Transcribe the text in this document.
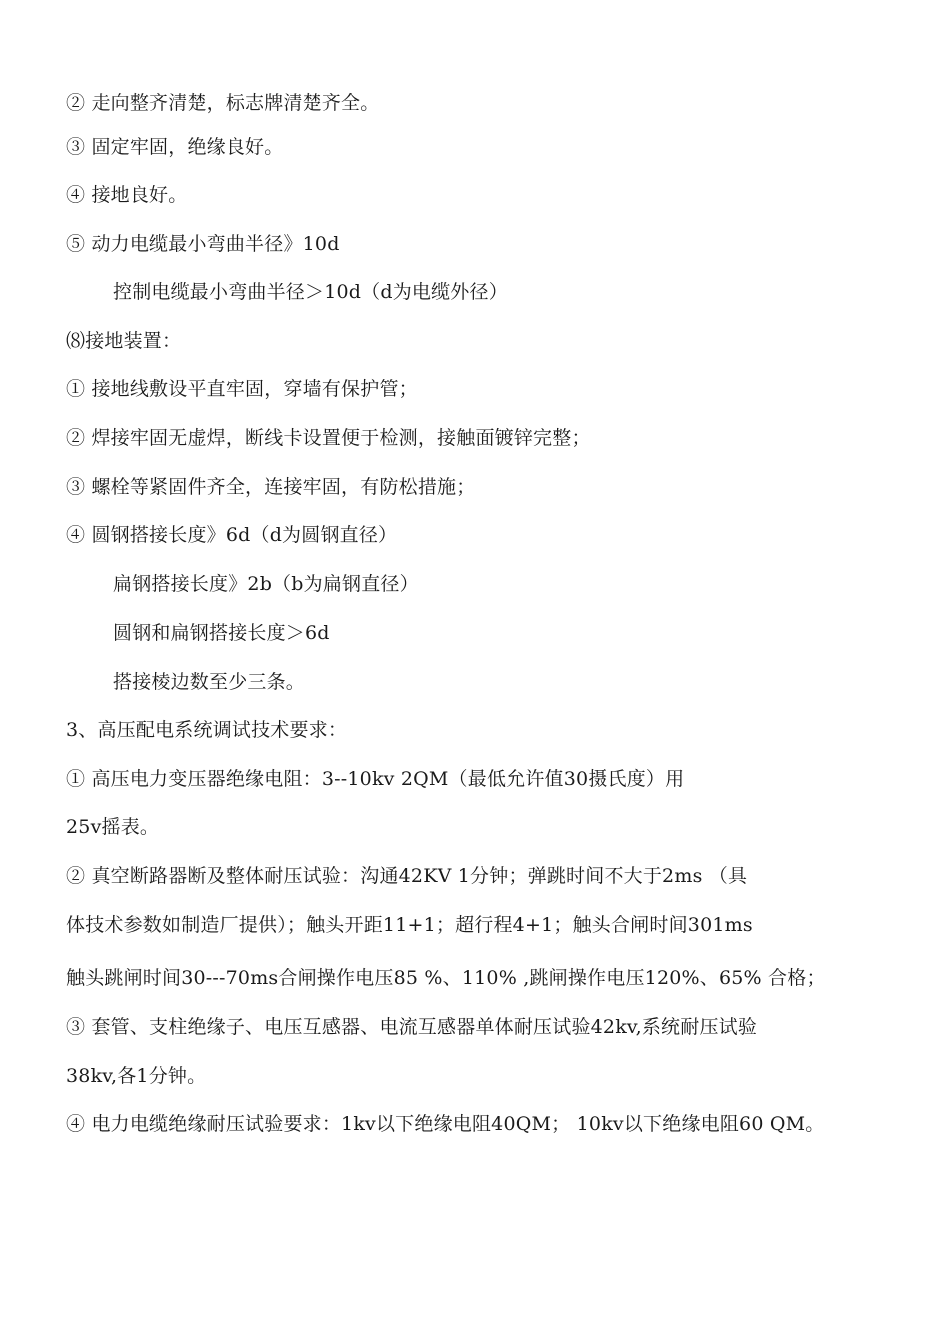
② 走向整齐清楚，标志牌清楚齐全。
③ 固定牢固，绝缘良好。
④ 接地良好。
⑤ 动力电缆最小弯曲半径》10d
控制电缆最小弯曲半径＞10d（d为电缆外径）
⑻接地装置：
① 接地线敷设平直牢固，穿墙有保护管；
② 焊接牢固无虚焊，断线卡设置便于检测，接触面镀锌完整；
③ 螺栓等紧固件齐全，连接牢固，有防松措施；
④ 圆钢搭接长度》6d（d为圆钢直径）
扁钢搭接长度》2b（b为扁钢直径）
圆钢和扁钢搭接长度＞6d
搭接棱边数至少三条。
3、高压配电系统调试技术要求：
① 高压电力变压器绝缘电阻：3--10kv 2QM（最低允许值30摄氏度）用
25v摇表。
② 真空断路器断及整体耐压试验：沟通42KV 1分钟；弹跳时间不大于2ms （具
体技术参数如制造厂提供）；触头开距11+1；超行程4+1；触头合闸时间301ms
触头跳闸时间30---70ms合闸操作电压85 %、110% ,跳闸操作电压120%、65% 合格；
③ 套管、支柱绝缘子、电压互感器、电流互感器单体耐压试验42kv,系统耐压试验
38kv,各1分钟。
④ 电力电缆绝缘耐压试验要求：1kv以下绝缘电阻40QM； 10kv以下绝缘电阻60 QM。
